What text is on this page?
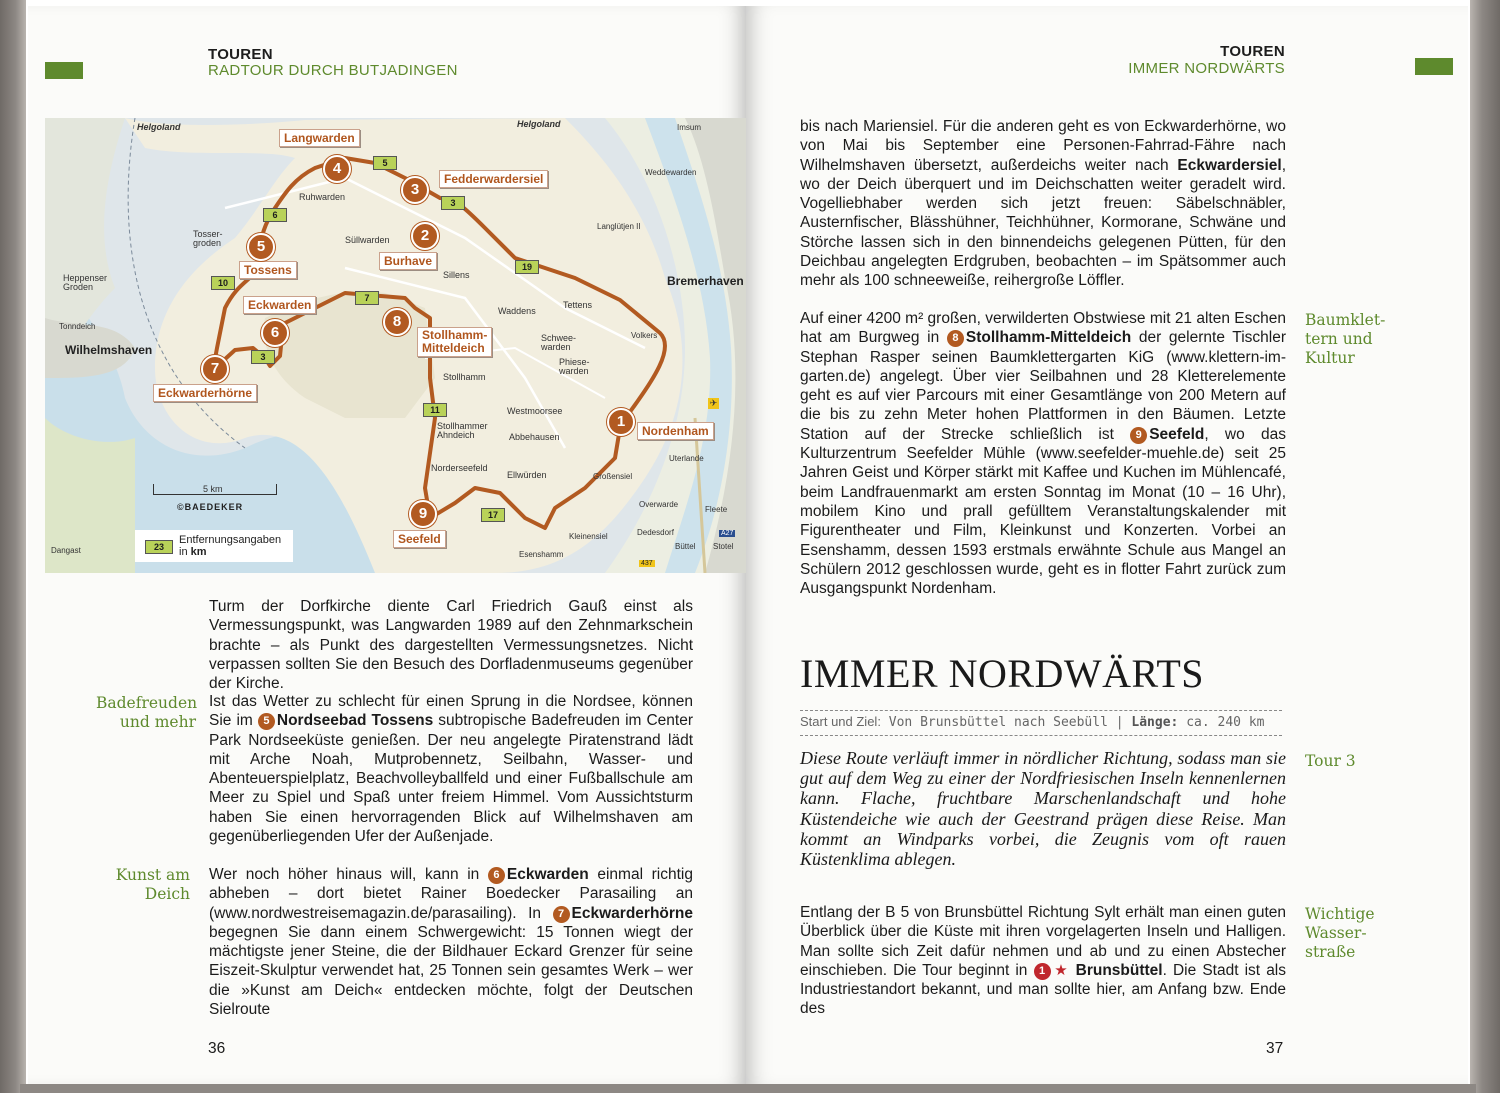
TOUREN
RADTOUR DURCH BUTJADINGEN
Helgoland	Helgoland	Imsum
Weddewarden
Langlütjen II
Bremerhaven
Ruhwarden
Tosser-
groden	Süllwarden
Heppenser
Groden
Sillens
Waddens
Tettens
Tonndeich
Wilhelmshaven
Schwee-
warden
Phiese-
warden
Volkers
Stollhamm
Westmoorsee
Stollhammer
Ahndeich	Abbehausen
Uterlande
Norderseefeld
Ellwürden	Großensiel
Overwarde
Fleete
Dedesdorf
Büttel Stotel
Kleinensiel
Esenshamm
Dangast
A27
437
✈
Langwarden
Fedderwardersiel
Burhave
Tossens
Eckwarden
Stollhamm-
Mitteldeich
Eckwarderhörne
Nordenham
Seefeld
1
2
3
4
5
6
7
8
9
5
3
6
10
3
7
19
11
17
5 km
©BAEDEKER
23
Entfernungsangaben
in km
Turm der Dorfkirche diente Carl Friedrich Gauß einst als Vermessungspunkt, was Langwarden 1989 auf den Zehnmarkschein brachte – als Punkt des dargestellten Vermessungsnetzes. Nicht verpassen sollten Sie den Besuch des Dorfladenmuseums gegenüber der Kirche.
Badefreuden
und mehr
Ist das Wetter zu schlecht für einen Sprung in die Nordsee, können Sie im 5 Nordseebad Tossens subtropische Badefreuden im Center Park Nordseeküste genießen. Der neu angelegte Piratenstrand lädt mit Arche Noah, Mutprobennetz, Seilbahn, Wasser- und Abenteuerspielplatz, Beachvolleyballfeld und einer Fußballschule am Meer zu Spiel und Spaß unter freiem Himmel. Vom Aussichtsturm haben Sie einen hervorragenden Blick auf Wilhelmshaven am gegenüberliegenden Ufer der Außenjade.
Kunst am
Deich
Wer noch höher hinaus will, kann in 6 Eckwarden einmal richtig abheben – dort bietet Rainer Boedecker Parasailing an (www.nordwestreisemagazin.de/parasailing). In 7 Eckwarderhörne begegnen Sie dann einem Schwergewicht: 15 Tonnen wiegt der mächtigste jener Steine, die der Bildhauer Eckard Grenzer für seine Eiszeit-Skulptur verwendet hat, 25 Tonnen sein gesamtes Werk – wer die »Kunst am Deich« entdecken möchte, folgt der Deutschen Sielroute
36
TOUREN
IMMER NORDWÄRTS
bis nach Mariensiel. Für die anderen geht es von Eckwarderhörne, wo von Mai bis September eine Personen-Fahrrad-Fähre nach Wilhelmshaven übersetzt, außerdeichs weiter nach Eckwardersiel, wo der Deich überquert und im Deichschatten weiter geradelt wird. Vogelliebhaber werden sich jetzt freuen: Säbelschnäbler, Austernfischer, Blässhühner, Teichhühner, Kormorane, Schwäne und Störche lassen sich in den binnendeichs gelegenen Pütten, für den Deichbau angelegten Erdgruben, beobachten – im Spätsommer auch mehr als 100 schneeweiße, reihergroße Löffler.
Baumklet-
tern und
Kultur
Auf einer 4200 m² großen, verwilderten Obstwiese mit 21 alten Eschen hat am Burgweg in 8 Stollhamm-Mitteldeich der gelernte Tischler Stephan Rasper seinen Baumklettergarten KiG (www.klettern-im-garten.de) angelegt. Über vier Seilbahnen und 28 Kletterelemente geht es auf vier Parcours mit einer Gesamtlänge von 200 Metern auf die bis zu zehn Meter hohen Plattformen in den Bäumen. Letzte Station auf der Strecke schließlich ist 9 Seefeld, wo das Kulturzentrum Seefelder Mühle (www.seefelder-muehle.de) seit 25 Jahren Geist und Körper stärkt mit Kaffee und Kuchen im Mühlencafé, beim Landfrauenmarkt am ersten Sonntag im Monat (10 – 16 Uhr), mobilem Kino und prall gefülltem Veranstaltungskalender mit Figurentheater und Film, Kleinkunst und Konzerten. Vorbei an Esenshamm, dessen 1593 erstmals erwähnte Schule aus Mangel an Schülern 2012 geschlossen wurde, geht es in flotter Fahrt zurück zum Ausgangspunkt Nordenham.
IMMER NORDWÄRTS
Start und Ziel: Von Brunsbüttel nach Seebüll | Länge: ca. 240 km
Tour 3
Diese Route verläuft immer in nördlicher Richtung, sodass man sie gut auf dem Weg zu einer der Nordfriesischen Inseln kennenlernen kann. Flache, fruchtbare Marschenlandschaft und hohe Küstendeiche wie auch der Geestrand prägen diese Reise. Man kommt an Windparks vorbei, die Zeugnis vom oft rauen Küstenklima ablegen.
Wichtige
Wasser-
straße
Entlang der B 5 von Brunsbüttel Richtung Sylt erhält man einen guten Überblick über die Küste mit ihren vorgelagerten Inseln und Halligen. Man sollte sich Zeit dafür nehmen und ab und zu einen Abstecher einschieben. Die Tour beginnt in 1 ★ Brunsbüttel. Die Stadt ist als Industriestandort bekannt, und man sollte hier, am Anfang bzw. Ende des
37
